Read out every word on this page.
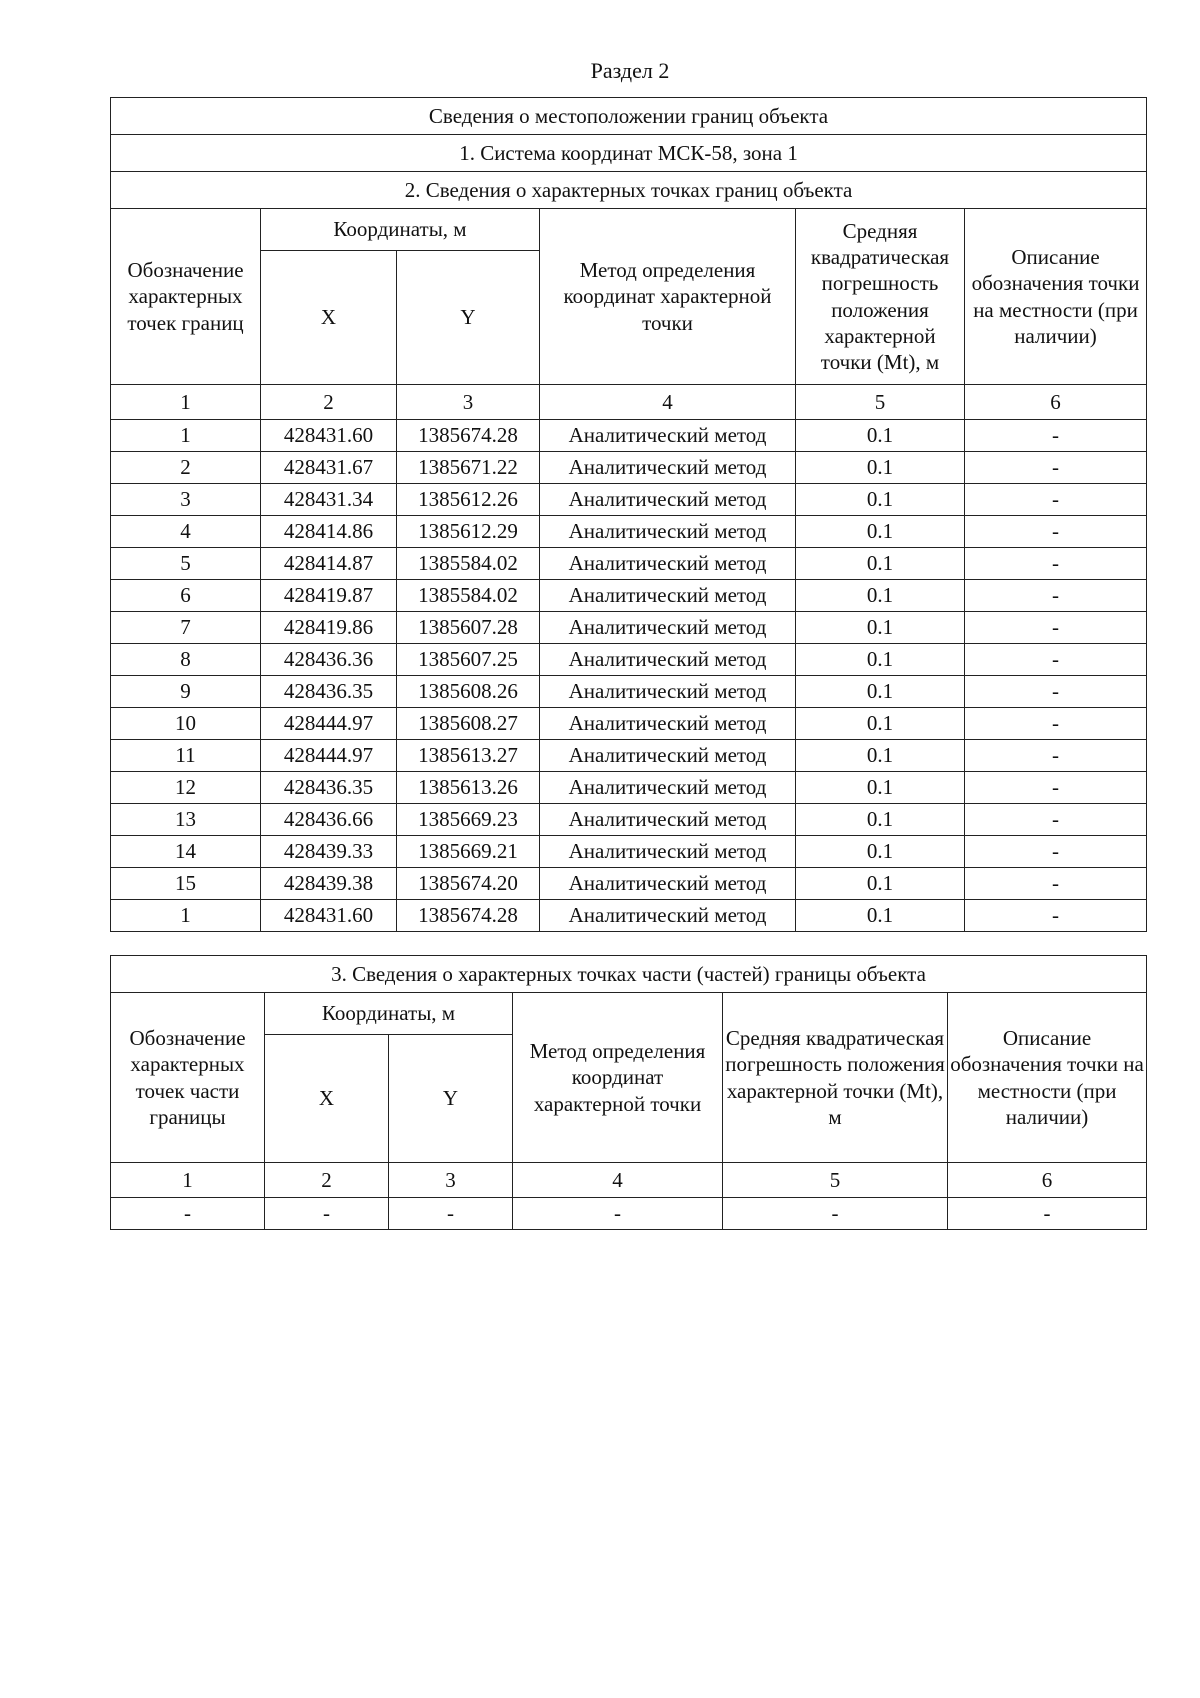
Раздел 2
Сведения о местоположении границ объекта					
1. Система координат МСК-58, зона 1					
2. Сведения о характерных точках границ объекта					
Обозначение характерных точек границ	Координаты, м		Метод определения координат характерной точки	Средняя квадратическая погрешность положения характерной точки (Mt), м	Описание обозначения точки на местности (при наличии)
	X	Y			
1	2	3	4	5	6
1	428431.60	1385674.28	Аналитический метод	0.1	-
2	428431.67	1385671.22	Аналитический метод	0.1	-
3	428431.34	1385612.26	Аналитический метод	0.1	-
4	428414.86	1385612.29	Аналитический метод	0.1	-
5	428414.87	1385584.02	Аналитический метод	0.1	-
6	428419.87	1385584.02	Аналитический метод	0.1	-
7	428419.86	1385607.28	Аналитический метод	0.1	-
8	428436.36	1385607.25	Аналитический метод	0.1	-
9	428436.35	1385608.26	Аналитический метод	0.1	-
10	428444.97	1385608.27	Аналитический метод	0.1	-
11	428444.97	1385613.27	Аналитический метод	0.1	-
12	428436.35	1385613.26	Аналитический метод	0.1	-
13	428436.66	1385669.23	Аналитический метод	0.1	-
14	428439.33	1385669.21	Аналитический метод	0.1	-
15	428439.38	1385674.20	Аналитический метод	0.1	-
1	428431.60	1385674.28	Аналитический метод	0.1	-
3. Сведения о характерных точках части (частей) границы объекта					
Обозначение характерных точек части границы	Координаты, м		Метод определения координат характерной точки	Средняя квадратическая погрешность положения характерной точки (Mt), м	Описание обозначения точки на местности (при наличии)
	X	Y			
1	2	3	4	5	6
-	-	-	-	-	-
